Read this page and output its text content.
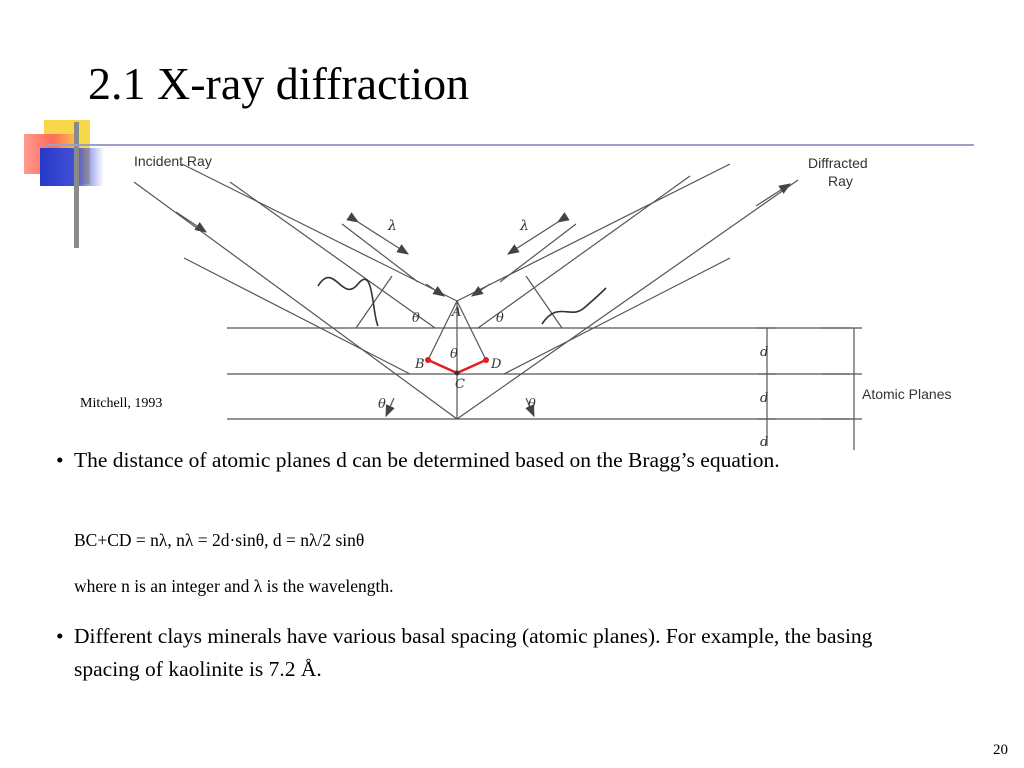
2.1 X-ray diffraction
Incident Ray	Diffracted
Ray
Atomic Planes
λ	λ
θ	θ
θ
θ	θ
A
B
C
D
d
d
d
Mitchell, 1993
• The distance of atomic planes d can be determined based on the Bragg’s equation.
BC+CD = nλ, nλ = 2d·sinθ, d = nλ/2 sinθ
where n is an integer and λ is the wavelength.
• Different clays minerals have various basal spacing (atomic planes). For example, the basing spacing of kaolinite is 7.2 Å.
20
